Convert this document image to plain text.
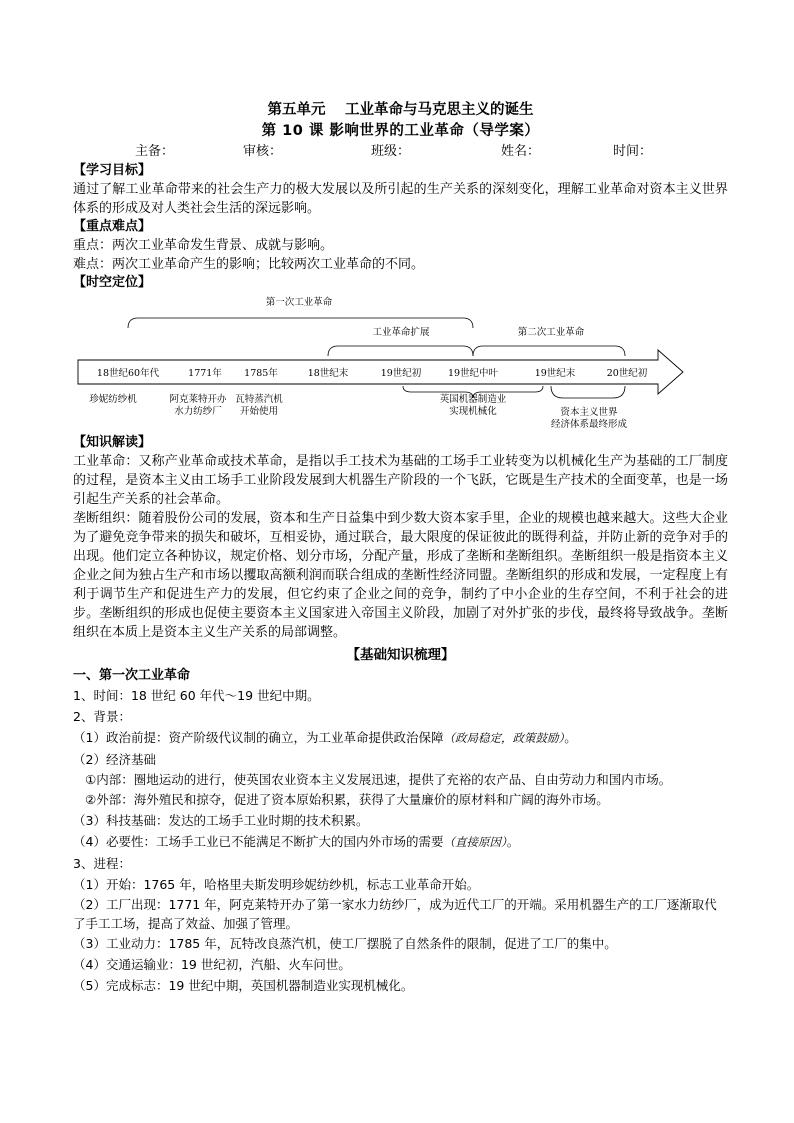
第五单元　 工业革命与马克思主义的诞生
第 10 课 影响世界的工业革命（导学案）
主备：	审核：	班级：	姓名：	时间：
【学习目标】
通过了解工业革命带来的社会生产力的极大发展以及所引起的生产关系的深刻变化，理解工业革命对资本主义世界体系的形成及对人类社会生活的深远影响。
【重点难点】
重点：两次工业革命发生背景、成就与影响。
难点：两次工业革命产生的影响；比较两次工业革命的不同。
【时空定位】
第一次工业革命
工业革命扩展	第二次工业革命
18世纪60年代	1771年 1785年	18世纪末	19世纪初	19世纪中叶	19世纪末	20世纪初
珍妮纺纱机	阿克莱特开办
水力纺纱厂
瓦特蒸汽机
开始使用
英国机器制造业
实现机械化	资本主义世界
经济体系最终形成
【知识解读】
工业革命：又称产业革命或技术革命，是指以手工技术为基础的工场手工业转变为以机械化生产为基础的工厂制度的过程，是资本主义由工场手工业阶段发展到大机器生产阶段的一个飞跃，它既是生产技术的全面变革，也是一场引起生产关系的社会革命。
垄断组织：随着股份公司的发展，资本和生产日益集中到少数大资本家手里，企业的规模也越来越大。这些大企业为了避免竞争带来的损失和破坏，互相妥协，通过联合，最大限度的保证彼此的既得利益，并防止新的竞争对手的出现。他们定立各种协议，规定价格、划分市场，分配产量，形成了垄断和垄断组织。垄断组织一般是指资本主义企业之间为独占生产和市场以攫取高额利润而联合组成的垄断性经济同盟。垄断组织的形成和发展，一定程度上有利于调节生产和促进生产力的发展，但它约束了企业之间的竞争，制约了中小企业的生存空间，不利于社会的进步。垄断组织的形成也促使主要资本主义国家进入帝国主义阶段，加剧了对外扩张的步伐，最终将导致战争。垄断组织在本质上是资本主义生产关系的局部调整。
【基础知识梳理】
一、第一次工业革命
1、时间：18 世纪 60 年代～19 世纪中期。
2、背景：
（1）政治前提：资产阶级代议制的确立，为工业革命提供政治保障（政局稳定，政策鼓励）。
（2）经济基础
①内部：圈地运动的进行，使英国农业资本主义发展迅速，提供了充裕的农产品、自由劳动力和国内市场。
②外部：海外殖民和掠夺，促进了资本原始积累，获得了大量廉价的原材料和广阔的海外市场。
（3）科技基础：发达的工场手工业时期的技术积累。
（4）必要性：工场手工业已不能满足不断扩大的国内外市场的需要（直接原因）。
3、进程：
（1）开始：1765 年，哈格里夫斯发明珍妮纺纱机，标志工业革命开始。
（2）工厂出现：1771 年，阿克莱特开办了第一家水力纺纱厂，成为近代工厂的开端。采用机器生产的工厂逐渐取代了手工工场，提高了效益、加强了管理。
（3）工业动力：1785 年，瓦特改良蒸汽机，使工厂摆脱了自然条件的限制，促进了工厂的集中。
（4）交通运输业：19 世纪初，汽船、火车问世。
（5）完成标志：19 世纪中期，英国机器制造业实现机械化。
